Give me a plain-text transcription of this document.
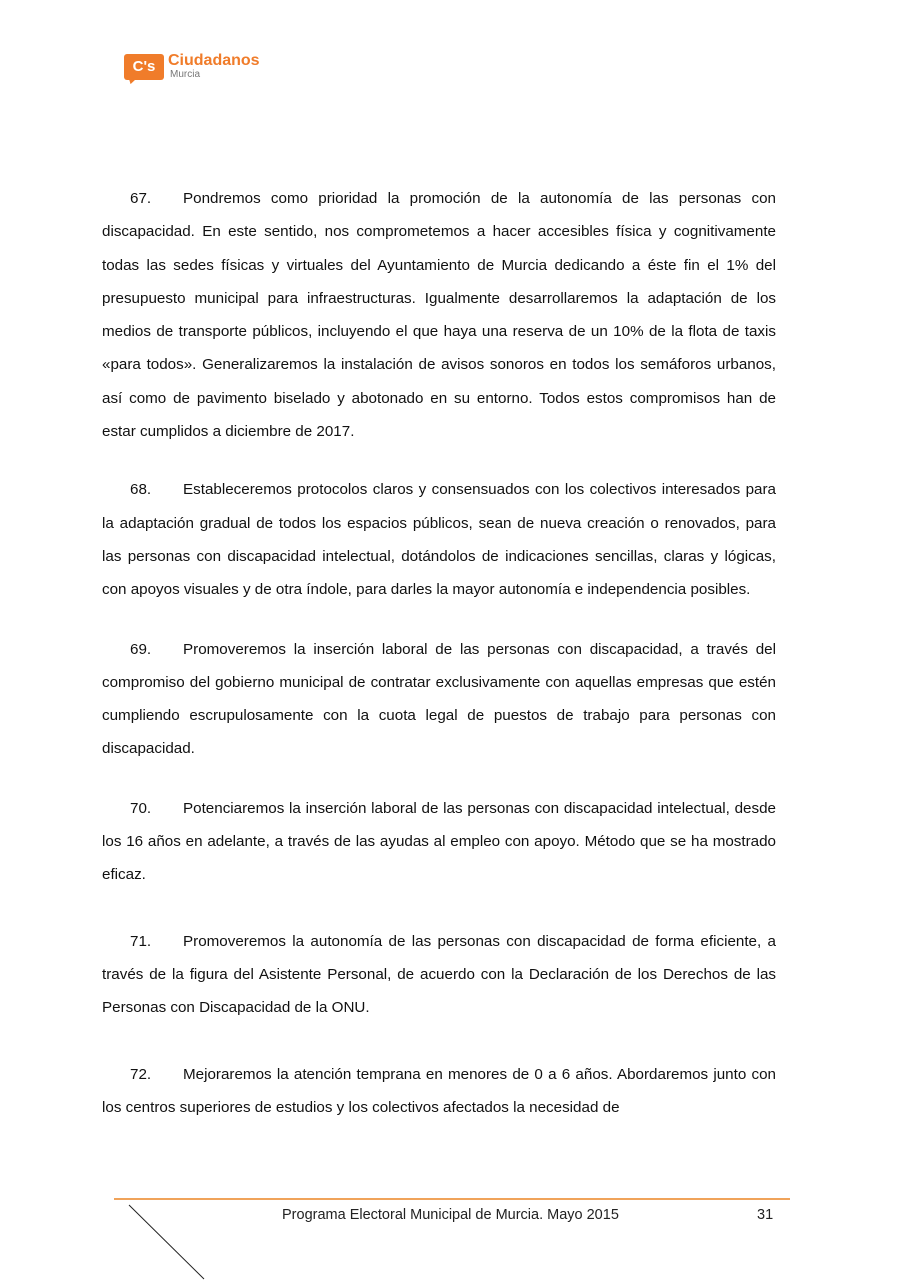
C's Ciudadanos
Murcia

67. Pondremos como prioridad la promoción de la autonomía de las personas con discapacidad. En este sentido, nos comprometemos a hacer accesibles física y cognitivamente todas las sedes físicas y virtuales del Ayuntamiento de Murcia dedicando a éste fin el 1% del presupuesto municipal para infraestructuras. Igualmente desarrollaremos la adaptación de los medios de transporte públicos, incluyendo el que haya una reserva de un 10% de la flota de taxis «para todos». Generalizaremos la instalación de avisos sonoros en todos los semáforos urbanos, así como de pavimento biselado y abotonado en su entorno. Todos estos compromisos han de estar cumplidos a diciembre de 2017.

68. Estableceremos protocolos claros y consensuados con los colectivos interesados para la adaptación gradual de todos los espacios públicos, sean de nueva creación o renovados, para las personas con discapacidad intelectual, dotándolos de indicaciones sencillas, claras y lógicas, con apoyos visuales y de otra índole, para darles la mayor autonomía e independencia posibles.

69. Promoveremos la inserción laboral de las personas con discapacidad, a través del compromiso del gobierno municipal de contratar exclusivamente con aquellas empresas que estén cumpliendo escrupulosamente con la cuota legal de puestos de trabajo para personas con discapacidad.

70. Potenciaremos la inserción laboral de las personas con discapacidad intelectual, desde los 16 años en adelante, a través de las ayudas al empleo con apoyo. Método que se ha mostrado eficaz.

71. Promoveremos la autonomía de las personas con discapacidad de forma eficiente, a través de la figura del Asistente Personal, de acuerdo con la Declaración de los Derechos de las Personas con Discapacidad de la ONU.

72. Mejoraremos la atención temprana en menores de 0 a 6 años. Abordaremos junto con los centros superiores de estudios y los colectivos afectados la necesidad de

Programa Electoral Municipal de Murcia. Mayo 2015	31
